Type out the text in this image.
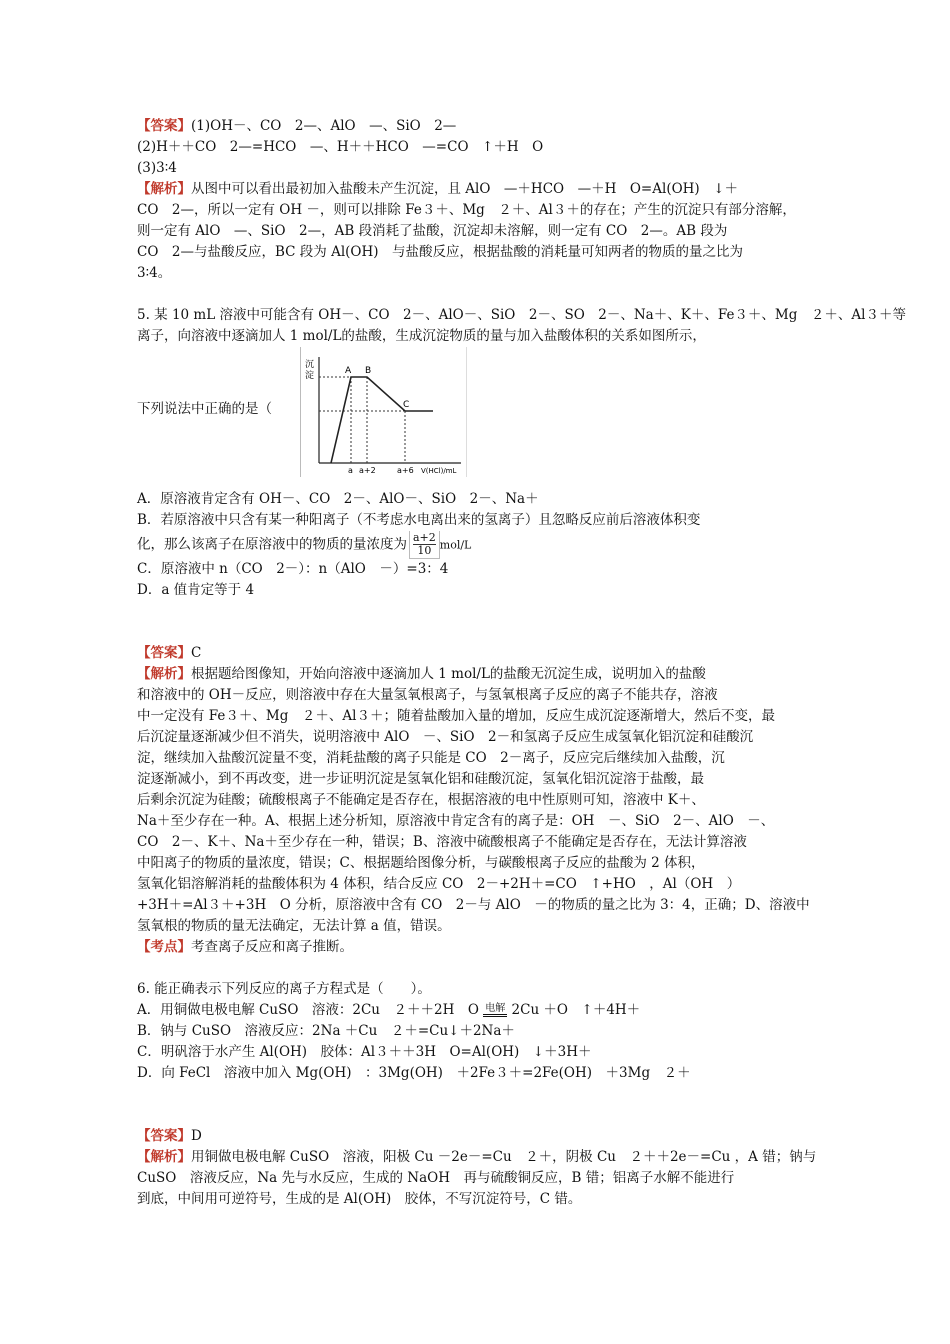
【答案】(1)OH－、CO　2—、AlO　—、SiO　2—
(2)H＋＋CO　2—=HCO　—、H＋＋HCO　—=CO　↑＋H　O
(3)3∶4
【解析】从图中可以看出最初加入盐酸未产生沉淀，且 AlO　—＋HCO　—＋H　O=Al(OH)　↓＋
CO　2—，所以一定有 OH －，则可以排除 Fe３＋、Mg　２＋、Al３＋的存在；产生的沉淀只有部分溶解，
则一定有 AlO　—、SiO　2—，AB 段消耗了盐酸，沉淀却未溶解，则一定有 CO　2—。AB 段为
CO　2—与盐酸反应，BC 段为 Al(OH)　与盐酸反应，根据盐酸的消耗量可知两者的物质的量之比为
3∶4。
5. 某 10 mL 溶液中可能含有 OH－、CO　2－、AlO－、SiO　2－、SO　2－、Na＋、K＋、Fe３＋、Mg　２＋、Al３＋等
离子，向溶液中逐滴加人 1 mol/L的盐酸，生成沉淀物质的量与加入盐酸体积的关系如图所示，
下列说法中正确的是（
沉
淀	A B
C
a a+2	a+6 V(HCl)/mL
A．原溶液肯定含有 OH－、CO　2－、AlO－、SiO　2－、Na＋
B．若原溶液中只含有某一种阳离子（不考虑水电离出来的氢离子）且忽略反应前后溶液体积变
化，那么该离子在原溶液中的物质的量浓度为 $\frac{a+2}{10}mol/L$
C．原溶液中 n（CO　2－）：n（AlO　－）=3：4
D．a 值肯定等于 4
【答案】C
【解析】根据题给图像知，开始向溶液中逐滴加人 1 mol/L的盐酸无沉淀生成，说明加入的盐酸
和溶液中的 OH－反应，则溶液中存在大量氢氧根离子，与氢氧根离子反应的离子不能共存，溶液
中一定没有 Fe３＋、Mg　２＋、Al３＋；随着盐酸加入量的增加，反应生成沉淀逐渐增大，然后不变，最
后沉淀量逐渐减少但不消失，说明溶液中 AlO　－、SiO　2－和氢离子反应生成氢氧化铝沉淀和硅酸沉
淀，继续加入盐酸沉淀量不变，消耗盐酸的离子只能是 CO　2－离子，反应完后继续加入盐酸，沉
淀逐渐减小，到不再改变，进一步证明沉淀是氢氧化铝和硅酸沉淀，氢氧化铝沉淀溶于盐酸，最
后剩余沉淀为硅酸；硫酸根离子不能确定是否存在，根据溶液的电中性原则可知，溶液中 K＋、
Na＋至少存在一种。A、根据上述分析知，原溶液中肯定含有的离子是：OH　－、SiO　2－、AlO　－、
CO　2－、K＋、Na＋至少存在一种，错误；B、溶液中硫酸根离子不能确定是否存在，无法计算溶液
中阳离子的物质的量浓度，错误；C、根据题给图像分析，与碳酸根离子反应的盐酸为 2 体积，
氢氧化铝溶解消耗的盐酸体积为 4 体积，结合反应 CO　2－+2H＋=CO　↑+HO　，Al（OH　）
+3H＋=Al３＋+3H　O 分析，原溶液中含有 CO　2－与 AlO　－的物质的量之比为 3：4，正确；D、溶液中
氢氧根的物质的量无法确定，无法计算 a 值，错误。
【考点】考查离子反应和离子推断。
6. 能正确表示下列反应的离子方程式是（　　）。
A．用铜做电极电解 CuSO　溶液：2Cu　２＋＋2H　O 电解 2Cu ＋O　↑＋4H＋
B．钠与 CuSO　溶液反应：2Na ＋Cu　２＋=Cu↓＋2Na＋
C．明矾溶于水产生 Al(OH)　胶体：Al３＋＋3H　O=Al(OH)　↓＋3H＋
D．向 FeCl　溶液中加入 Mg(OH)　：3Mg(OH)　＋2Fe３＋=2Fe(OH)　＋3Mg　２＋
【答案】D
【解析】用铜做电极电解 CuSO　溶液，阳极 Cu －2e－=Cu　２＋，阴极 Cu　２＋＋2e－=Cu ，A 错；钠与
CuSO　溶液反应，Na 先与水反应，生成的 NaOH　再与硫酸铜反应，B 错；铝离子水解不能进行
到底，中间用可逆符号，生成的是 Al(OH)　胶体，不写沉淀符号，C 错。
